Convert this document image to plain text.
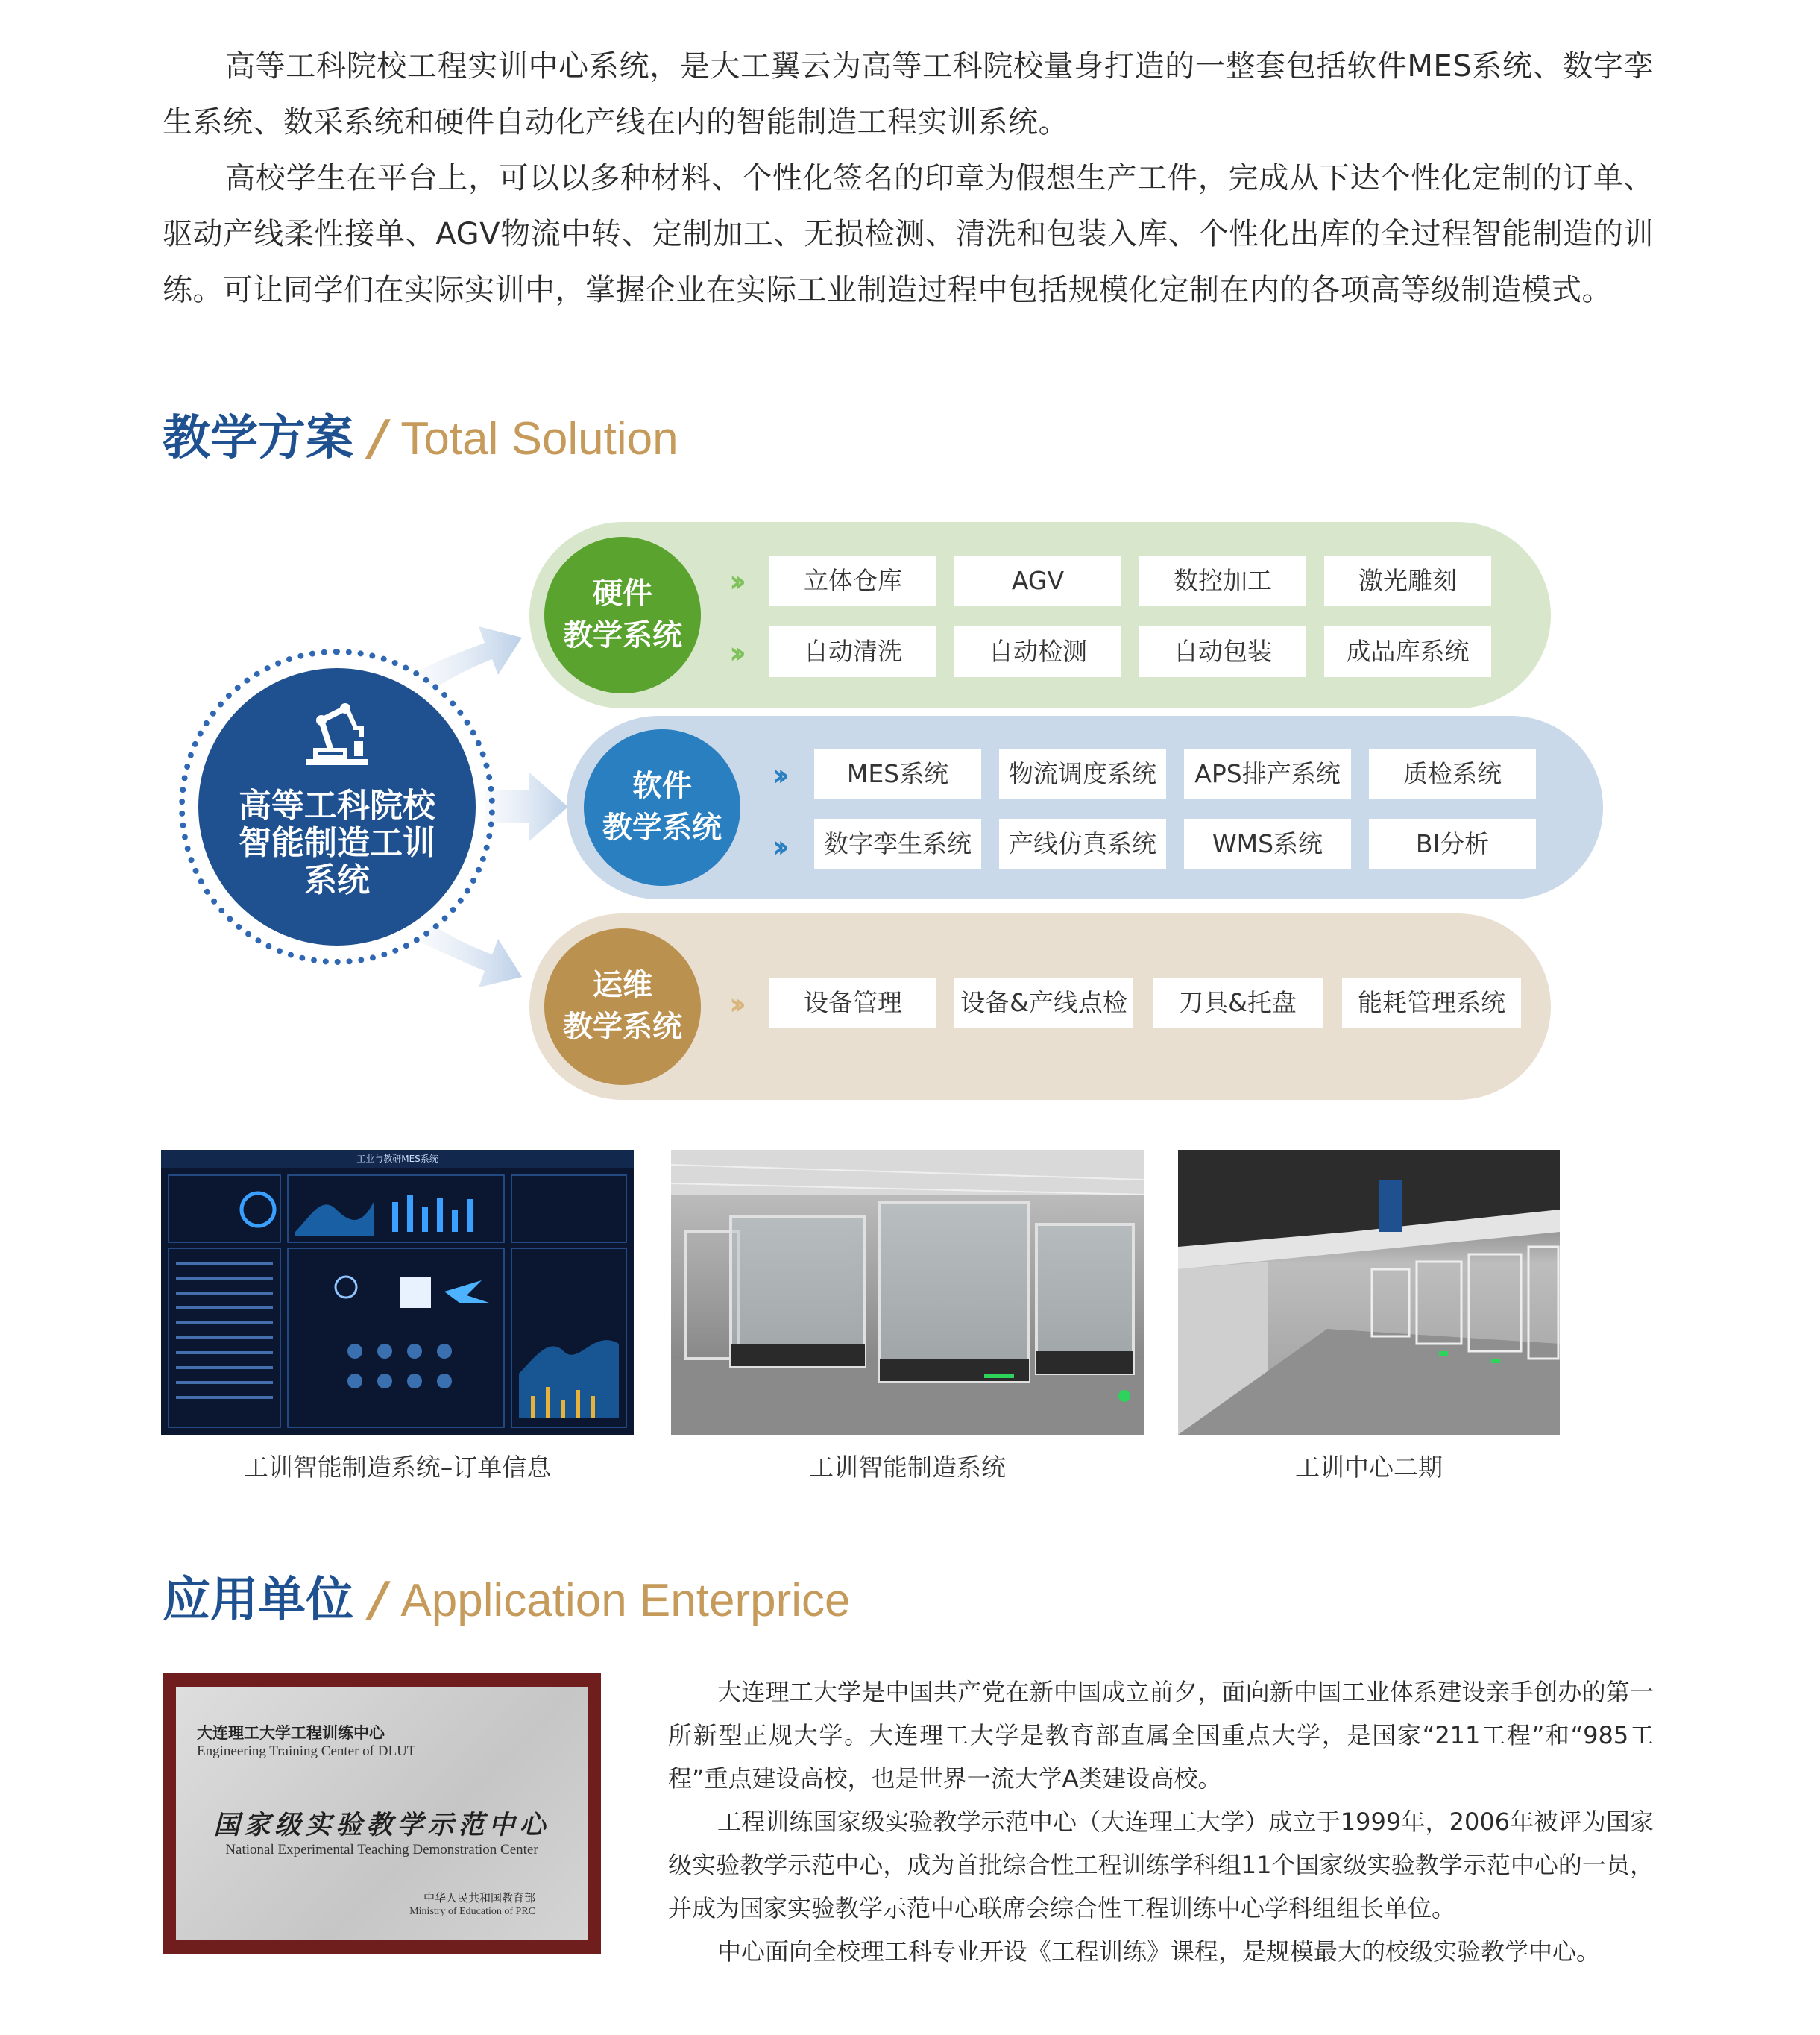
高等工科院校工程实训中心系统，是大工翼云为高等工科院校量身打造的一整套包括软件MES系统、数字孪生系统、数采系统和硬件自动化产线在内的智能制造工程实训系统。

高校学生在平台上，可以以多种材料、个性化签名的印章为假想生产工件，完成从下达个性化定制的订单、驱动产线柔性接单、AGV物流中转、定制加工、无损检测、清洗和包装入库、个性化出库的全过程智能制造的训练。可让同学们在实际实训中，掌握企业在实际工业制造过程中包括规模化定制在内的各项高等级制造模式。

教学方案 / Total Solution
高等工科院校
智能制造工训
系统
硬件
教学系统
››
››
立体仓库	AGV	数控加工	激光雕刻
自动清洗	自动检测	自动包装	成品库系统
软件
教学系统
››
››
MES系统	物流调度系统	APS排产系统	质检系统
数字孪生系统	产线仿真系统	WMS系统	BI分析
运维
教学系统
››	设备管理	设备&产线点检	刀具&托盘	能耗管理系统
工业与教研MES系统
工训智能制造系统–订单信息	工训智能制造系统	工训中心二期
应用单位 / Application Enterprice
大连理工大学工程训练中心
Engineering Training Center of DLUT
国家级实验教学示范中心
National Experimental Teaching Demonstration Center
中华人民共和国教育部
Ministry of Education of PRC

大连理工大学是中国共产党在新中国成立前夕，面向新中国工业体系建设亲手创办的第一所新型正规大学。大连理工大学是教育部直属全国重点大学，是国家“211工程”和“985工程”重点建设高校，也是世界一流大学A类建设高校。

工程训练国家级实验教学示范中心（大连理工大学）成立于1999年，2006年被评为国家级实验教学示范中心，成为首批综合性工程训练学科组11个国家级实验教学示范中心的一员，并成为国家实验教学示范中心联席会综合性工程训练中心学科组组长单位。

中心面向全校理工科专业开设《工程训练》课程，是规模最大的校级实验教学中心。
